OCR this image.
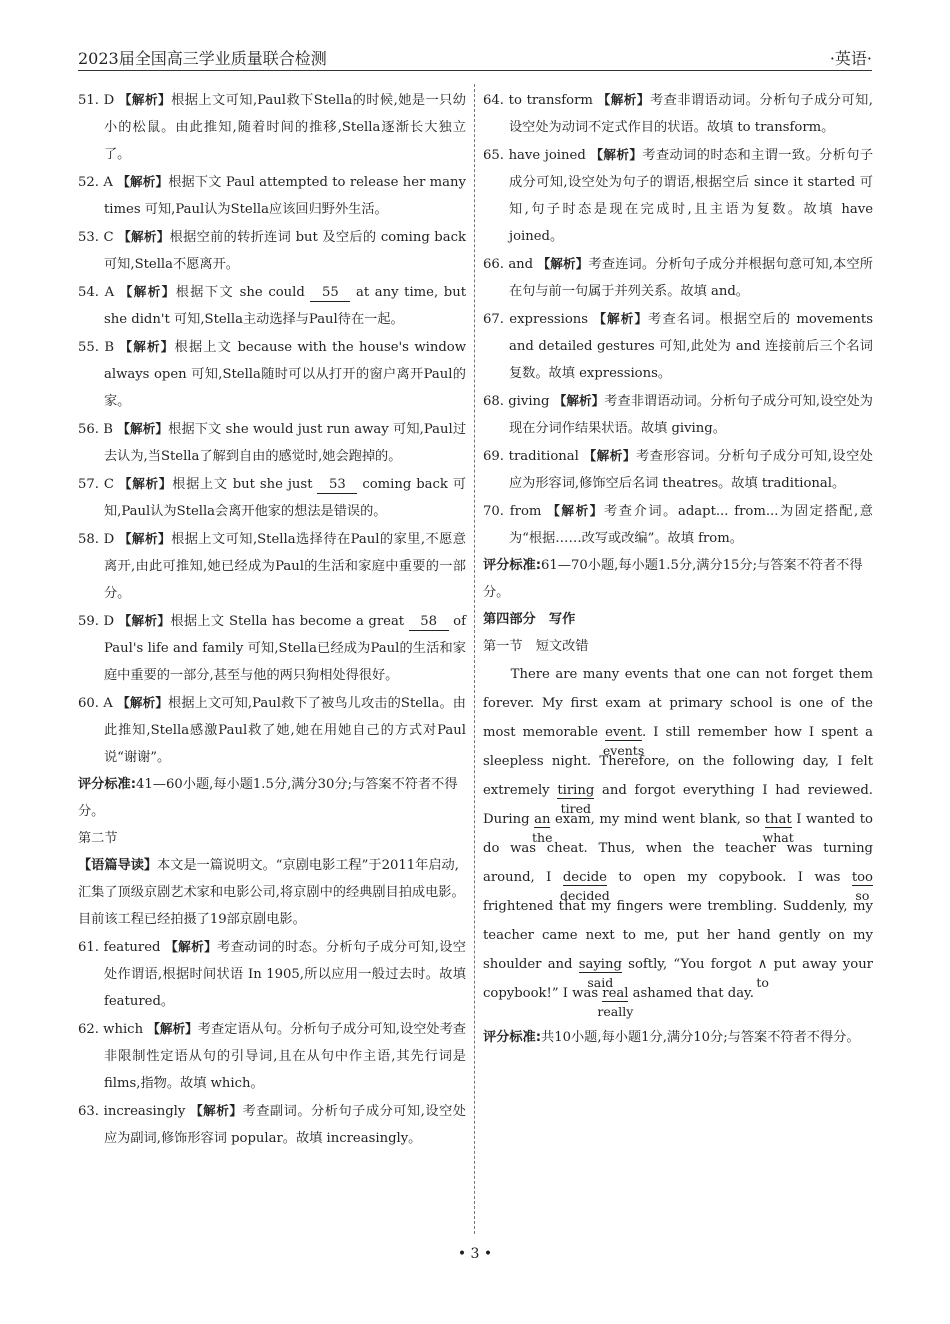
2023届全国高三学业质量联合检测	·英语·
51. D 【解析】根据上文可知,Paul救下Stella的时候,她是一只幼小的松鼠。由此推知,随着时间的推移,Stella逐渐长大独立了。
52. A 【解析】根据下文 Paul attempted to release her many times 可知,Paul认为Stella应该回归野外生活。
53. C 【解析】根据空前的转折连词 but 及空后的 coming back 可知,Stella不愿离开。
54. A 【解析】根据下文 she could 55 at any time, but she didn't 可知,Stella主动选择与Paul待在一起。
55. B 【解析】根据上文 because with the house's window always open 可知,Stella随时可以从打开的窗户离开Paul的家。
56. B 【解析】根据下文 she would just run away 可知,Paul过去认为,当Stella了解到自由的感觉时,她会跑掉的。
57. C 【解析】根据上文 but she just 53 coming back 可知,Paul认为Stella会离开他家的想法是错误的。
58. D 【解析】根据上文可知,Stella选择待在Paul的家里,不愿意离开,由此可推知,她已经成为Paul的生活和家庭中重要的一部分。
59. D 【解析】根据上文 Stella has become a great 58 of Paul's life and family 可知,Stella已经成为Paul的生活和家庭中重要的一部分,甚至与他的两只狗相处得很好。
60. A 【解析】根据上文可知,Paul救下了被鸟儿攻击的Stella。由此推知,Stella感激Paul救了她,她在用她自己的方式对Paul说“谢谢”。
评分标准:41—60小题,每小题1.5分,满分30分;与答案不符者不得分。
第二节
【语篇导读】本文是一篇说明文。“京剧电影工程”于2011年启动,汇集了顶级京剧艺术家和电影公司,将京剧中的经典剧目拍成电影。目前该工程已经拍摄了19部京剧电影。
61. featured 【解析】考查动词的时态。分析句子成分可知,设空处作谓语,根据时间状语 In 1905,所以应用一般过去时。故填 featured。
62. which 【解析】考查定语从句。分析句子成分可知,设空处考查非限制性定语从句的引导词,且在从句中作主语,其先行词是 films,指物。故填 which。
63. increasingly 【解析】考查副词。分析句子成分可知,设空处应为副词,修饰形容词 popular。故填 increasingly。
64. to transform 【解析】考查非谓语动词。分析句子成分可知,设空处为动词不定式作目的状语。故填 to transform。
65. have joined 【解析】考查动词的时态和主谓一致。分析句子成分可知,设空处为句子的谓语,根据空后 since it started 可知,句子时态是现在完成时,且主语为复数。故填 have joined。
66. and 【解析】考查连词。分析句子成分并根据句意可知,本空所在句与前一句属于并列关系。故填 and。
67. expressions 【解析】考查名词。根据空后的 movements and detailed gestures 可知,此处为 and 连接前后三个名词复数。故填 expressions。
68. giving 【解析】考查非谓语动词。分析句子成分可知,设空处为现在分词作结果状语。故填 giving。
69. traditional 【解析】考查形容词。分析句子成分可知,设空处应为形容词,修饰空后名词 theatres。故填 traditional。
70. from 【解析】考查介词。adapt... from...为固定搭配,意为“根据……改写或改编”。故填 from。
评分标准:61—70小题,每小题1.5分,满分15分;与答案不符者不得分。
第四部分　写作
第一节　短文改错
There are many events that one can not forget them forever. My first exam at primary school is one of the most memorable event
events
. I still remember how I spent a sleepless night. Therefore, on the following day, I felt extremely tiring
tired
and forgot everything I had reviewed. During an
the
exam, my mind went blank, so that
what
I wanted to do was cheat. Thus, when the teacher was turning around, I decide
decided
to open my copybook. I was too
so
frightened that my fingers were trembling. Suddenly, my teacher came next to me, put her hand gently on my shoulder and saying
said
softly, “You forgot ∧
to
put away your copybook!” I was real
really
ashamed that day.
评分标准:共10小题,每小题1分,满分10分;与答案不符者不得分。
• 3 •
